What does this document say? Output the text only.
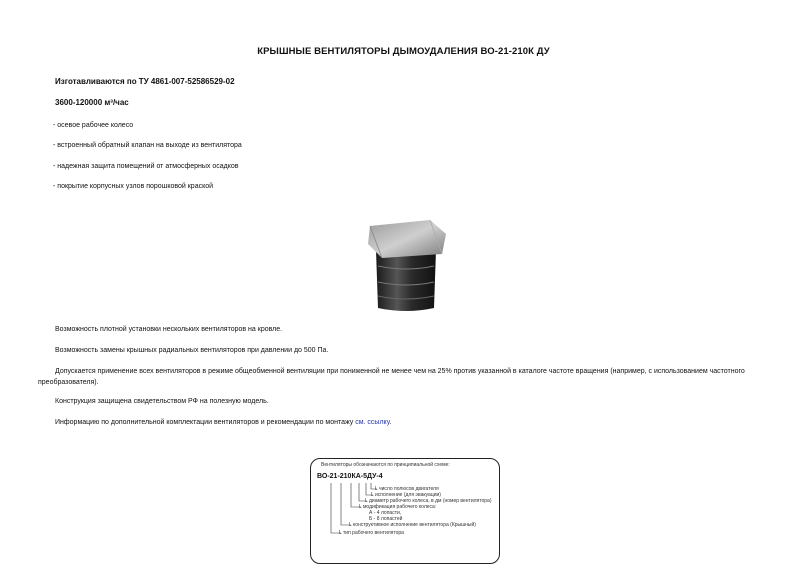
КРЫШНЫЕ ВЕНТИЛЯТОРЫ ДЫМОУДАЛЕНИЯ ВО-21-210К ДУ
Изготавливаются по ТУ 4861-007-52586529-02
3600-120000 м³/час
- осевое рабочее колесо
- встроенный обратный клапан на выходе из вентилятора
- надежная защита помещений от атмосферных осадков
- покрытие корпусных узлов порошковой краской
Возможность плотной установки нескольких вентиляторов на кровле.
Возможность замены крышных радиальных вентиляторов при давлении до 500 Па.
Допускается применение всех вентиляторов в режиме общеобменной вентиляции при пониженной не менее чем на 25% против указанной в каталоге частоте вращения (например, с использованием частотного преобразователя).
Конструкция защищена свидетельством РФ на полезную модель.
Информацию по дополнительной комплектации вентиляторов и рекомендации по монтажу см. ссылку.
Вентиляторы обозначаются по принципиальной схеме:
ВО-21-210КА-5ДУ-4
L число полюсов двигателя
L исполнение (для эвакуации)
L диаметр рабочего колеса, в дм (номер вентилятора)
L модификация рабочего колеса:
А - 4 лопасти,
Б - 8 лопастей
L конструктивное исполнение вентилятора (Крышный)
L тип рабочего вентилятора
